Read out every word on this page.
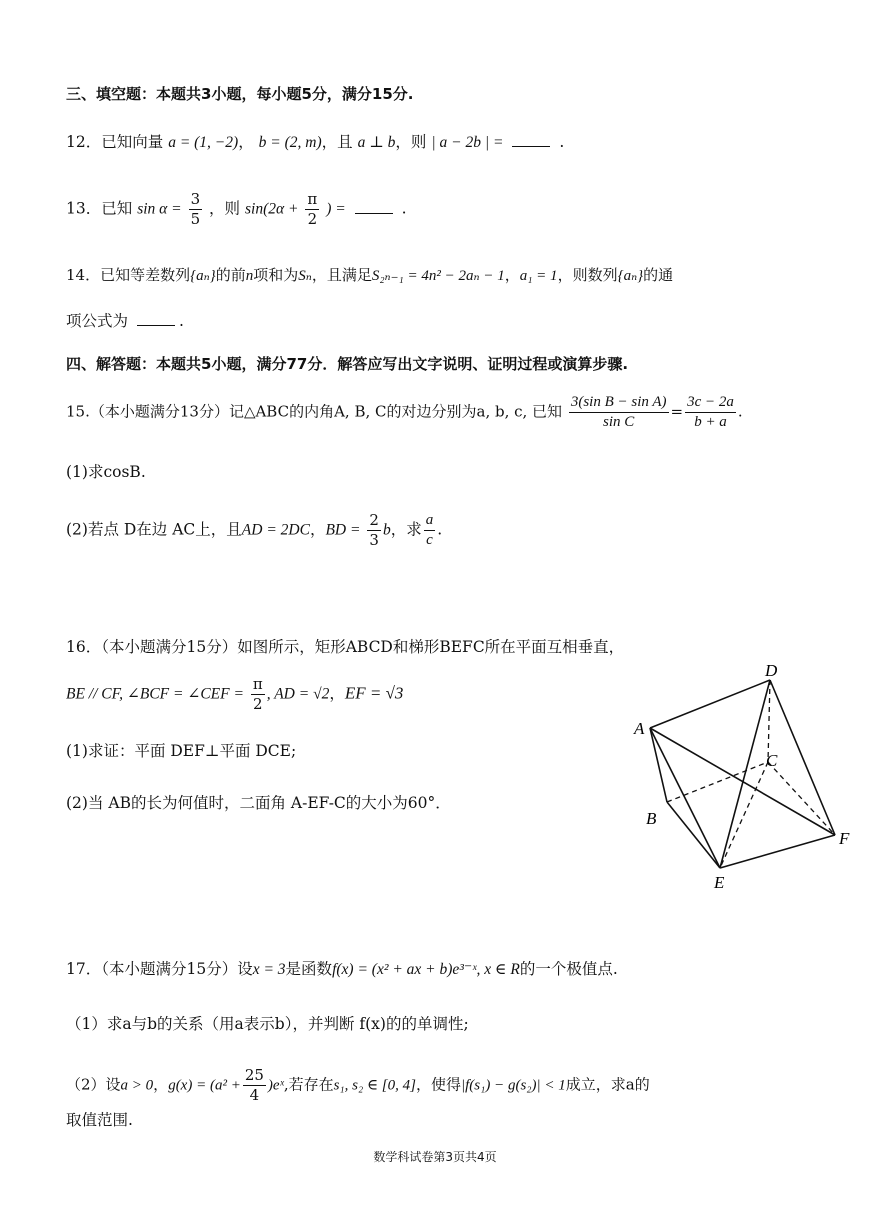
三、填空题：本题共3小题，每小题5分，满分15分.
12．已知向量 a = (1, −2)， b = (2, m)，且 a ⊥ b，则 | a − 2b | =	.
13．已知 $\sin \alpha = \frac{3}{5}$ ，则 $\sin(2\alpha + \frac{\pi}{2}$ ) =	.
14．已知等差数列{aₙ}的前n项和为Sₙ，且满足S₂ₙ₋₁ = 4n² − 2aₙ − 1，a₁ = 1，则数列{aₙ}的通
项公式为	.
四、解答题：本题共5小题，满分77分．解答应写出文字说明、证明过程或演算步骤.
15.（本小题满分13分）记△ABC的内角A, B, C的对边分别为a, b, c, 已知 $\frac{\text{3(sin B − sin A)}}{\text{sin C}} = \frac{3c - 2a}{b + a}$ .
(1)求cosB.
(2)若点 D在边 AC上，且AD = 2DC，BD = $\frac{2}{3}$ b，求 $\frac{a}{c}$ .
16．（本小题满分15分）如图所示，矩形ABCD和梯形BEFC所在平面互相垂直，
BE // CF, ∠BCF = ∠CEF = $\frac{\pi}{2}$ , AD = √2，EF = √3
(1)求证：平面 DEF⊥平面 DCE;
(2)当 AB的长为何值时，二面角 A-EF-C的大小为60°．
A
B
C
D
E
F
17．（本小题满分15分）设x = 3是函数f(x) = (x² + ax + b)e³⁻ˣ, x ∈ R的一个极值点.
（1）求a与b的关系（用a表示b），并判断 f(x)的的单调性;
（2）设a > 0，$g(x) = (a^2 + \frac{25}{4}$ )eˣ,若存在s₁, s₂ ∈ [0, 4]，使得|f(s₁) − g(s₂)| < 1成立，求a的
取值范围.
数学科试卷第3页共4页
